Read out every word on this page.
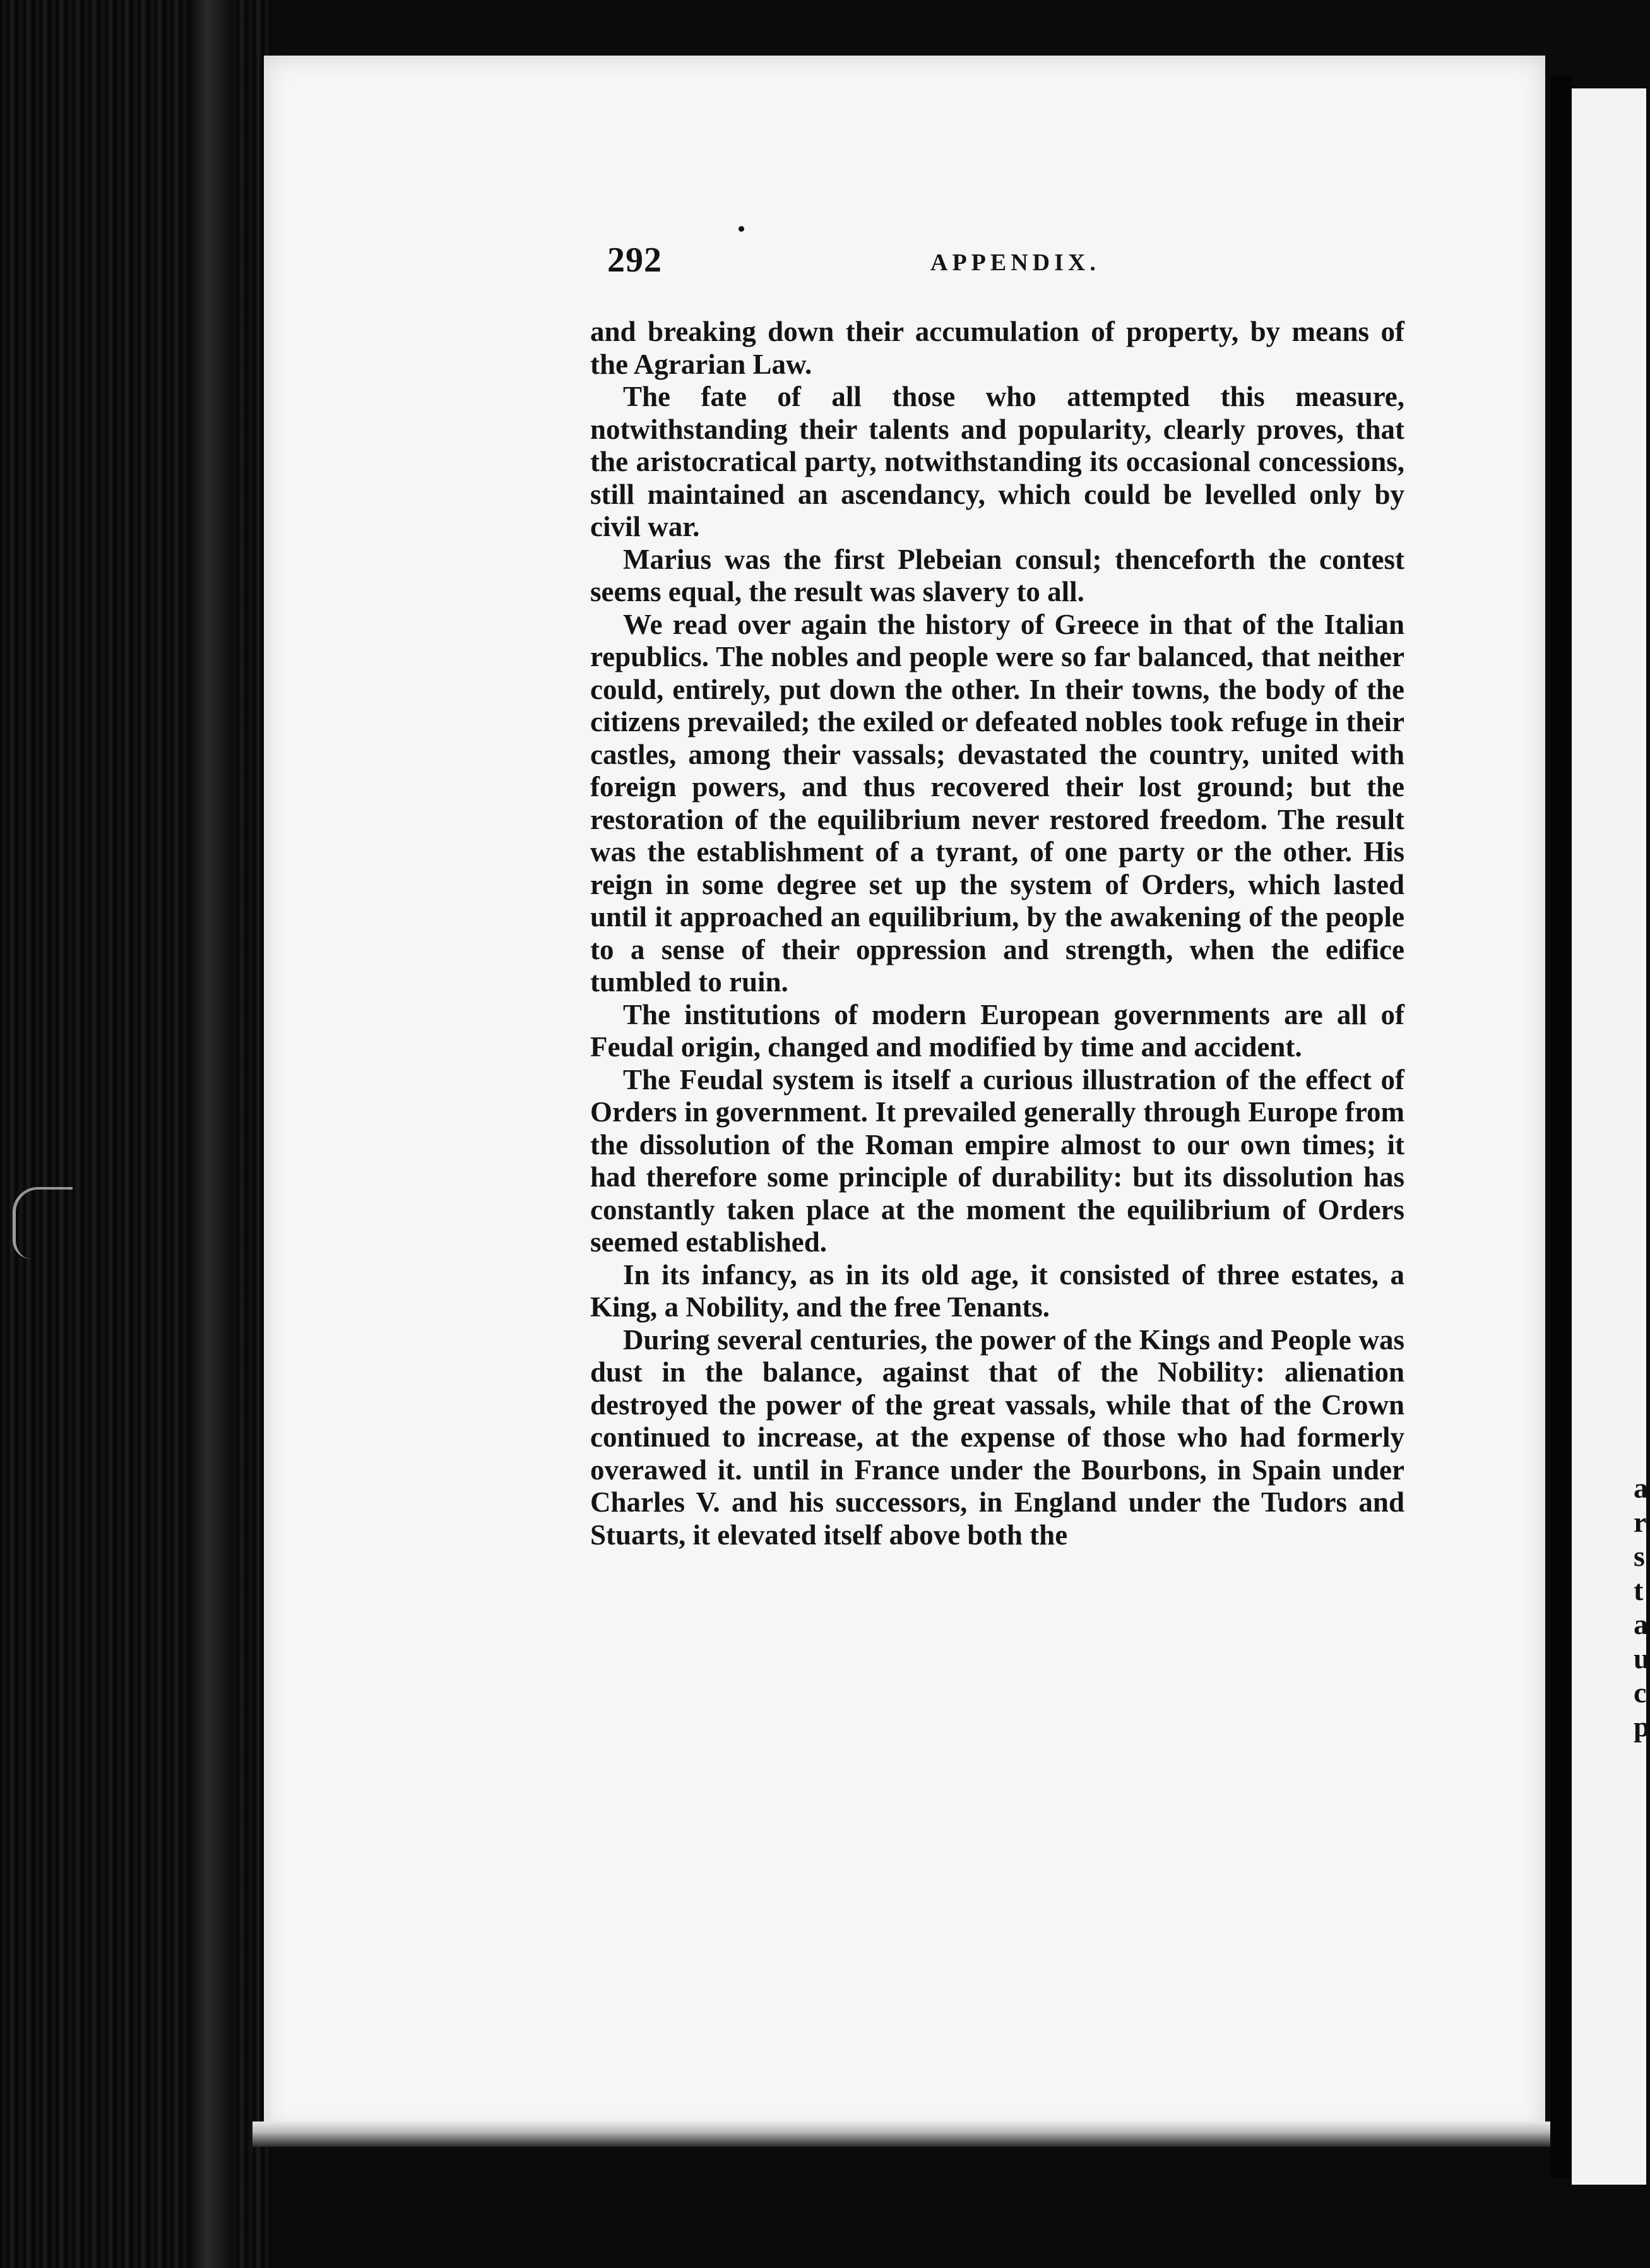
a
r
s
t
a
u
c
p
292	APPENDIX.

and breaking down their accumulation of property, by means of the Agrarian Law.

The fate of all those who attempted this measure, notwithstanding their talents and popularity, clearly proves, that the aristocratical party, notwithstanding its occasional concessions, still maintained an ascendancy, which could be levelled only by civil war.

Marius was the first Plebeian consul; thenceforth the contest seems equal, the result was slavery to all.

We read over again the history of Greece in that of the Italian republics. The nobles and people were so far balanced, that neither could, entirely, put down the other. In their towns, the body of the citizens prevailed; the exiled or defeated nobles took refuge in their castles, among their vassals; devastated the country, united with foreign powers, and thus recovered their lost ground; but the restoration of the equilibrium never restored freedom. The result was the establishment of a tyrant, of one party or the other. His reign in some degree set up the system of Orders, which lasted until it approached an equilibrium, by the awakening of the people to a sense of their oppression and strength, when the edifice tumbled to ruin.

The institutions of modern European governments are all of Feudal origin, changed and modified by time and accident.

The Feudal system is itself a curious illustration of the effect of Orders in government. It prevailed generally through Europe from the dissolution of the Roman empire almost to our own times; it had therefore some principle of durability: but its dissolution has constantly taken place at the moment the equilibrium of Orders seemed established.

In its infancy, as in its old age, it consisted of three estates, a King, a Nobility, and the free Tenants.

During several centuries, the power of the Kings and People was dust in the balance, against that of the Nobility: alienation destroyed the power of the great vassals, while that of the Crown continued to increase, at the expense of those who had formerly overawed it. until in France under the Bourbons, in Spain under Charles V. and his successors, in England under the Tudors and Stuarts, it elevated itself above both the
